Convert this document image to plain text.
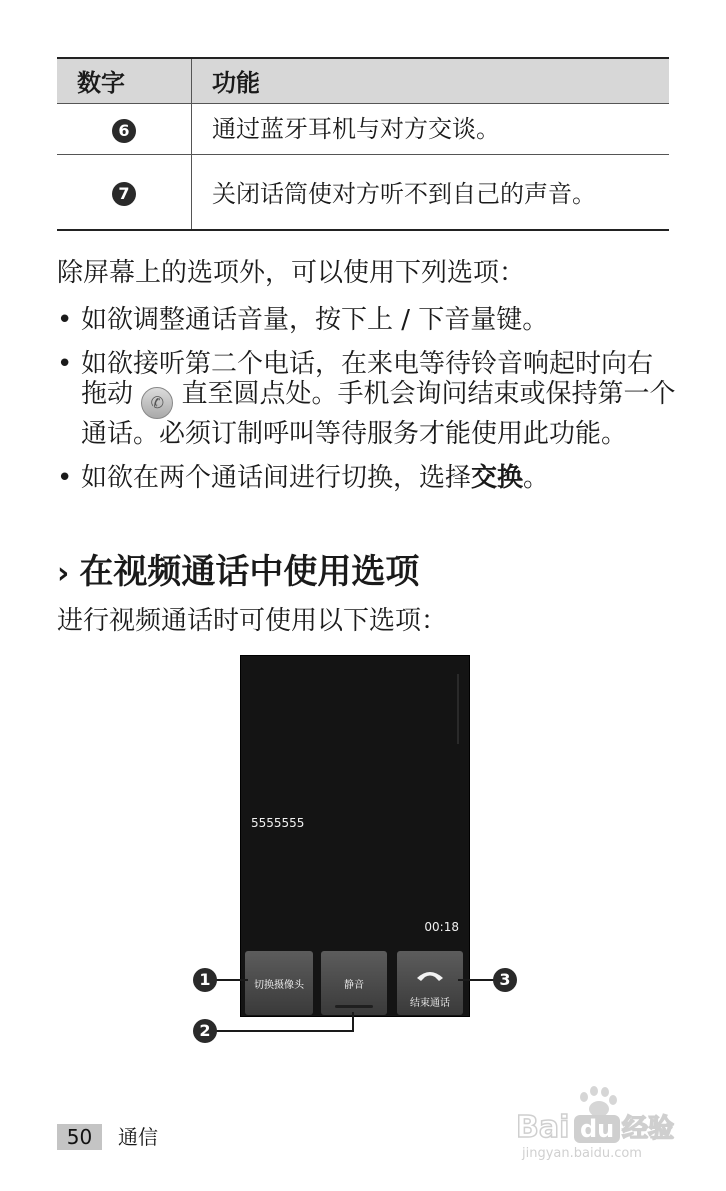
数字	功能
6	通过蓝牙耳机与对方交谈。
7	关闭话筒使对方听不到自己的声音。
除屏幕上的选项外，可以使用下列选项：
• 如欲调整通话音量，按下上 / 下音量键。
• 如欲接听第二个电话，在来电等待铃音响起时向右拖动 ✆ 直至圆点处。手机会询问结束或保持第一个通话。必须订制呼叫等待服务才能使用此功能。
• 如欲在两个通话间进行切换，选择交换。
› 在视频通话中使用选项
进行视频通话时可使用以下选项：
5555555
00:18
切换摄像头	静音
结束通话
1
2
3
50	通信	Bai du 经验
jingyan.baidu.com
